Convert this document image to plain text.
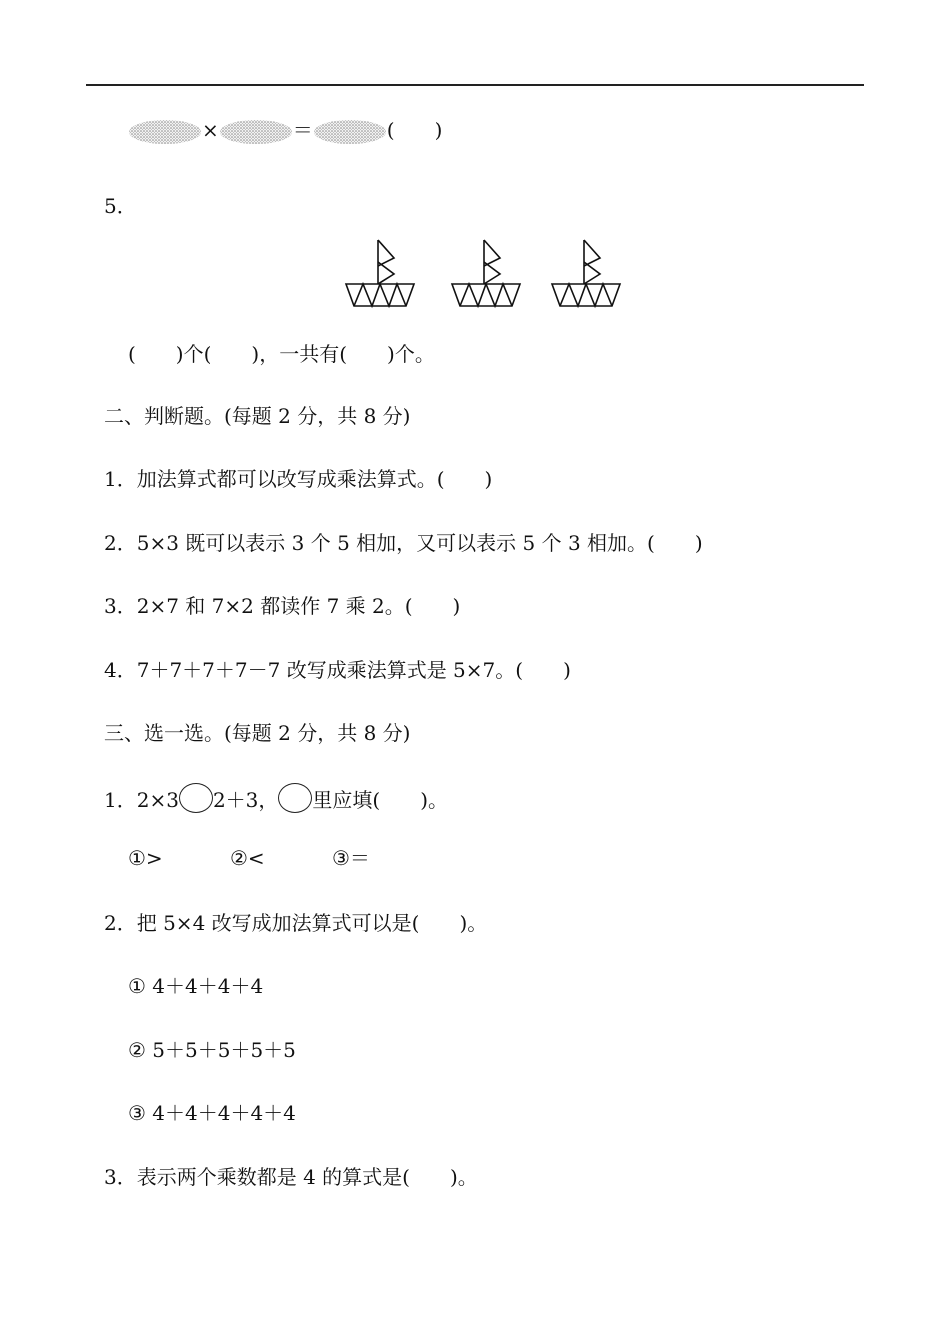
×	＝	(　　)
5．
(　　)个(　　)，一共有(　　)个。
二、判断题。(每题 2 分，共 8 分)
1．加法算式都可以改写成乘法算式。(　　)
2．5×3 既可以表示 3 个 5 相加，又可以表示 5 个 3 相加。(　　)
3．2×7 和 7×2 都读作 7 乘 2。(　　)
4．7＋7＋7＋7－7 改写成乘法算式是 5×7。(　　)
三、选一选。(每题 2 分，共 8 分)
1．2×3 2＋3， 里应填(　　)。
①>	②<	③＝
2．把 5×4 改写成加法算式可以是(　　)。
① 4＋4＋4＋4
② 5＋5＋5＋5＋5
③ 4＋4＋4＋4＋4
3．表示两个乘数都是 4 的算式是(　　)。
